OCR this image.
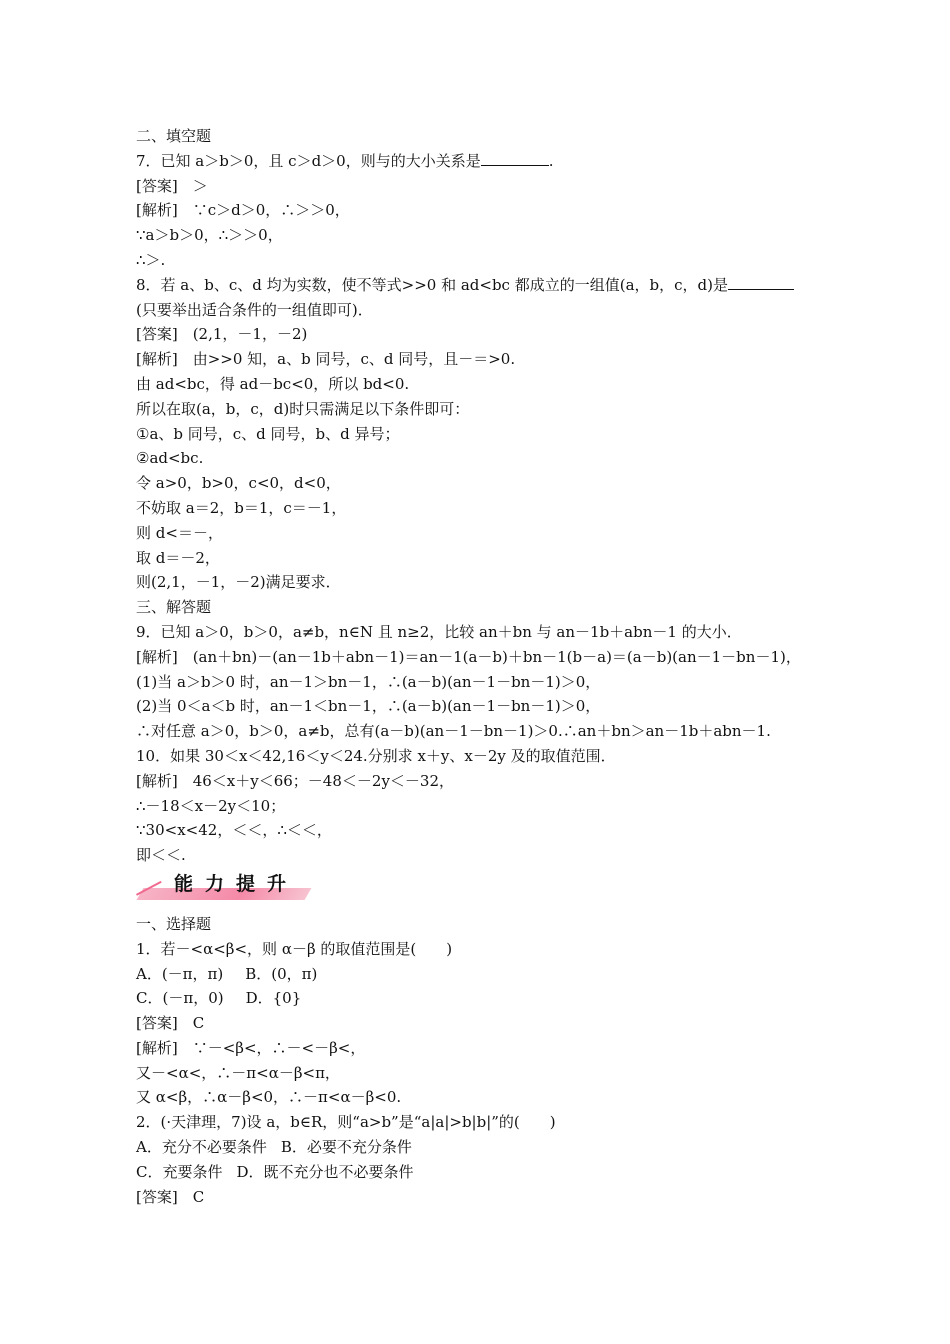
二、填空题
7．已知 a＞b＞0，且 c＞d＞0，则与的大小关系是	.
[答案]　＞
[解析]　∵c＞d＞0，∴＞＞0，
∵a＞b＞0，∴＞＞0，
∴＞.
8．若 a、b、c、d 均为实数，使不等式>>0 和 ad<bc 都成立的一组值(a，b，c，d)是
(只要举出适合条件的一组值即可)．
[答案]　(2,1，－1，－2)
[解析]　由>>0 知，a、b 同号，c、d 同号，且－＝>0.
由 ad<bc，得 ad－bc<0，所以 bd<0.
所以在取(a，b，c，d)时只需满足以下条件即可：
①a、b 同号，c、d 同号，b、d 异号；
②ad<bc.
令 a>0，b>0，c<0，d<0，
不妨取 a＝2，b＝1，c＝－1，
则 d<＝－，
取 d＝－2，
则(2,1，－1，－2)满足要求．
三、解答题
9．已知 a＞0，b＞0，a≠b，n∈N 且 n≥2，比较 an＋bn 与 an－1b＋abn－1 的大小．
[解析]　(an＋bn)－(an－1b＋abn－1)＝an－1(a－b)＋bn－1(b－a)＝(a－b)(an－1－bn－1)，
(1)当 a＞b＞0 时，an－1＞bn－1，∴(a－b)(an－1－bn－1)＞0，
(2)当 0＜a＜b 时，an－1＜bn－1，∴(a－b)(an－1－bn－1)＞0，
∴对任意 a＞0，b＞0，a≠b，总有(a－b)(an－1－bn－1)＞0.∴an＋bn＞an－1b＋abn－1.
10．如果 30＜x＜42,16＜y＜24.分别求 x＋y、x－2y 及的取值范围．
[解析]　46＜x＋y＜66；－48＜－2y＜－32，
∴－18＜x－2y＜10；
∵30<x<42，＜＜，∴＜＜，
即＜＜.
能力提升
一、选择题
1．若－<α<β<，则 α－β 的取值范围是(　　)
A．(－π，π) B．(0，π)
C．(－π，0) D．{0}
[答案]　C
[解析]　∵－<β<，∴－<－β<，
又－<α<，∴－π<α－β<π，
又 α<β，∴α－β<0，∴－π<α－β<0.
2．(·天津理，7)设 a，b∈R，则“a>b”是“a|a|>b|b|”的(　　)
A．充分不必要条件 B．必要不充分条件
C．充要条件 D．既不充分也不必要条件
[答案]　C
